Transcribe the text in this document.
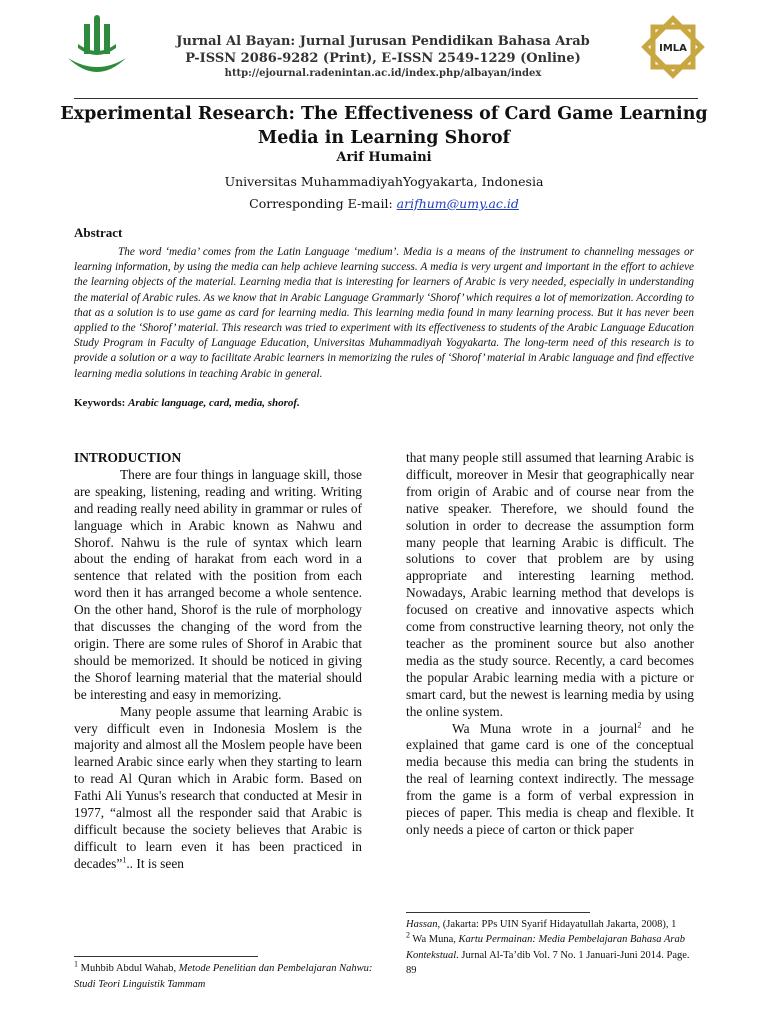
Jurnal Al Bayan: Jurnal Jurusan Pendidikan Bahasa Arab
P-ISSN 2086-9282 (Print), E-ISSN 2549-1229 (Online)
http://ejournal.radenintan.ac.id/index.php/albayan/index
IMLA
Experimental Research: The Effectiveness of Card Game Learning
Media in Learning Shorof
Arif Humaini
Universitas MuhammadiyahYogyakarta, Indonesia
Corresponding E-mail: arifhum@umy.ac.id
Abstract
The word ‘media’ comes from the Latin Language ‘medium’. Media is a means of the instrument to channeling messages or learning information, by using the media can help achieve learning success. A media is very urgent and important in the effort to achieve the learning objects of the material. Learning media that is interesting for learners of Arabic is very needed, especially in understanding the material of Arabic rules. As we know that in Arabic Language Grammarly ‘Shorof’ which requires a lot of memorization. According to that as a solution is to use game as card for learning media. This learning media found in many learning process. But it has never been applied to the ‘Shorof’ material. This research was tried to experiment with its effectiveness to students of the Arabic Language Education Study Program in Faculty of Language Education, Universitas Muhammadiyah Yogyakarta. The long-term need of this research is to provide a solution or a way to facilitate Arabic learners in memorizing the rules of ‘Shorof’ material in Arabic language and find effective learning media solutions in teaching Arabic in general.
Keywords: Arabic language, card, media, shorof.

INTRODUCTION

There are four things in language skill, those are speaking, listening, reading and writing. Writing and reading really need ability in grammar or rules of language which in Arabic known as Nahwu and Shorof. Nahwu is the rule of syntax which learn about the ending of harakat from each word in a sentence that related with the position from each word then it has arranged become a whole sentence. On the other hand, Shorof is the rule of morphology that discusses the changing of the word from the origin. There are some rules of Shorof in Arabic that should be memorized. It should be noticed in giving the Shorof learning material that the material should be interesting and easy in memorizing.

Many people assume that learning Arabic is very difficult even in Indonesia Moslem is the majority and almost all the Moslem people have been learned Arabic since early when they starting to learn to read Al Quran which in Arabic form. Based on Fathi Ali Yunus's research that conducted at Mesir in 1977, “almost all the responder said that Arabic is difficult because the society believes that Arabic is difficult to learn even it has been practiced in decades”$^1$.. It is seen

that many people still assumed that learning Arabic is difficult, moreover in Mesir that geographically near from origin of Arabic and of course near from the native speaker. Therefore, we should found the solution in order to decrease the assumption form many people that learning Arabic is difficult. The solutions to cover that problem are by using appropriate and interesting learning method. Nowadays, Arabic learning method that develops is focused on creative and innovative aspects which come from constructive learning theory, not only the teacher as the prominent source but also another media as the study source. Recently, a card becomes the popular Arabic learning media with a picture or smart card, but the newest is learning media by using the online system.

Wa Muna wrote in a journal$^2$ and he explained that game card is one of the conceptual media because this media can bring the students in the real of learning context indirectly. The message from the game is a form of verbal expression in pieces of paper. This media is cheap and flexible. It only needs a piece of carton or thick paper

$^1$ Muhbib Abdul Wahab, Metode Penelitian dan Pembelajaran Nahwu: Studi Teori Linguistik Tammam
Hassan, (Jakarta: PPs UIN Syarif Hidayatullah Jakarta, 2008), 1
$^2$ Wa Muna, Kartu Permainan: Media Pembelajaran Bahasa Arab Kontekstual. Jurnal Al-Ta’dib Vol. 7 No. 1 Januari-Juni 2014. Page. 89
